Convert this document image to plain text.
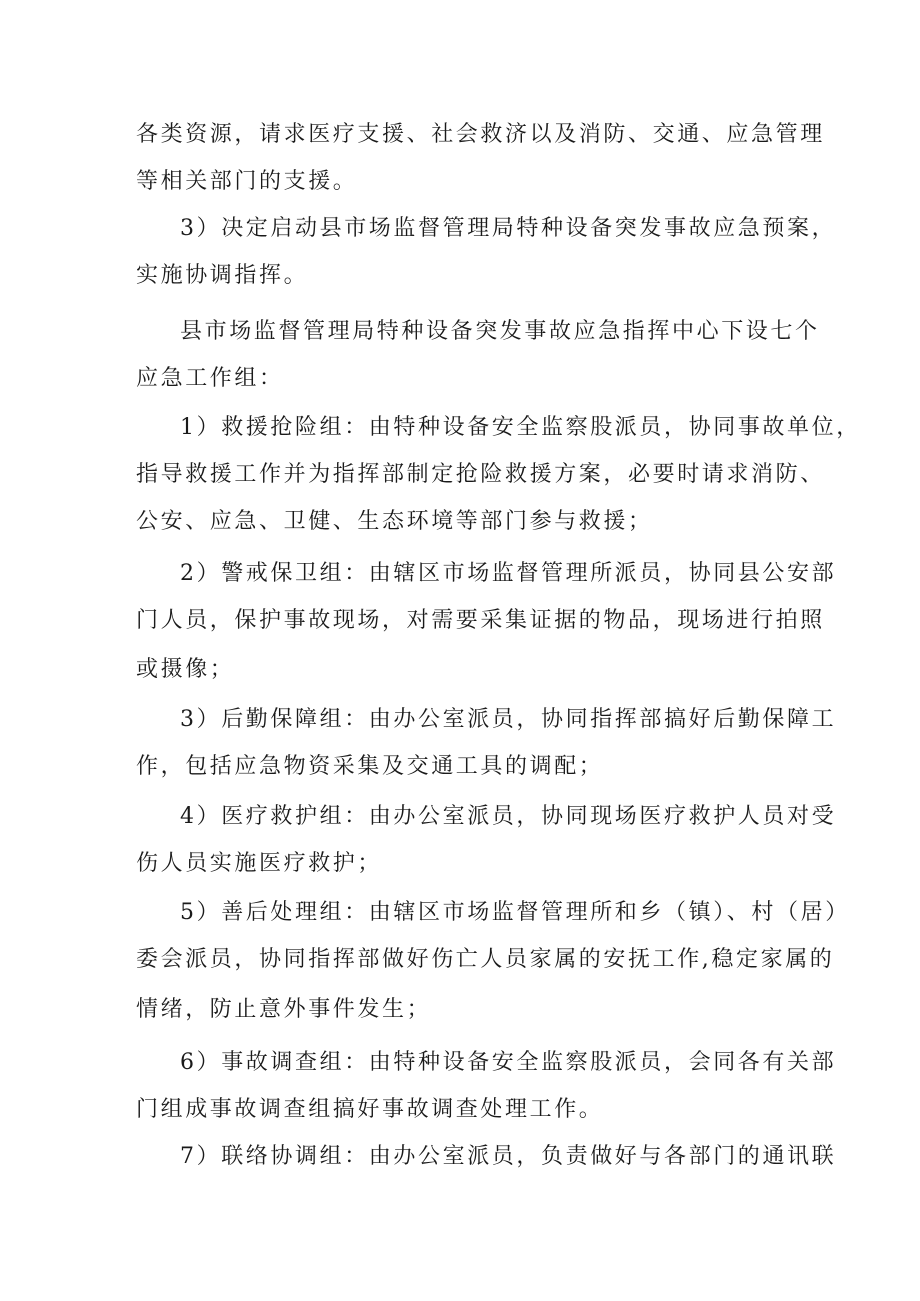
各类资源，请求医疗支援、社会救济以及消防、交通、应急管理
等相关部门的支援。
3）决定启动县市场监督管理局特种设备突发事故应急预案，
实施协调指挥。
县市场监督管理局特种设备突发事故应急指挥中心下设七个
应急工作组：
1）救援抢险组：由特种设备安全监察股派员，协同事故单位，
指导救援工作并为指挥部制定抢险救援方案，必要时请求消防、
公安、应急、卫健、生态环境等部门参与救援；
2）警戒保卫组：由辖区市场监督管理所派员，协同县公安部
门人员，保护事故现场，对需要采集证据的物品，现场进行拍照
或摄像；
3）后勤保障组：由办公室派员，协同指挥部搞好后勤保障工
作，包括应急物资采集及交通工具的调配；
4）医疗救护组：由办公室派员，协同现场医疗救护人员对受
伤人员实施医疗救护；
5）善后处理组：由辖区市场监督管理所和乡（镇）、村（居）
委会派员，协同指挥部做好伤亡人员家属的安抚工作,稳定家属的
情绪，防止意外事件发生；
6）事故调查组：由特种设备安全监察股派员，会同各有关部
门组成事故调查组搞好事故调查处理工作。
7）联络协调组：由办公室派员，负责做好与各部门的通讯联
